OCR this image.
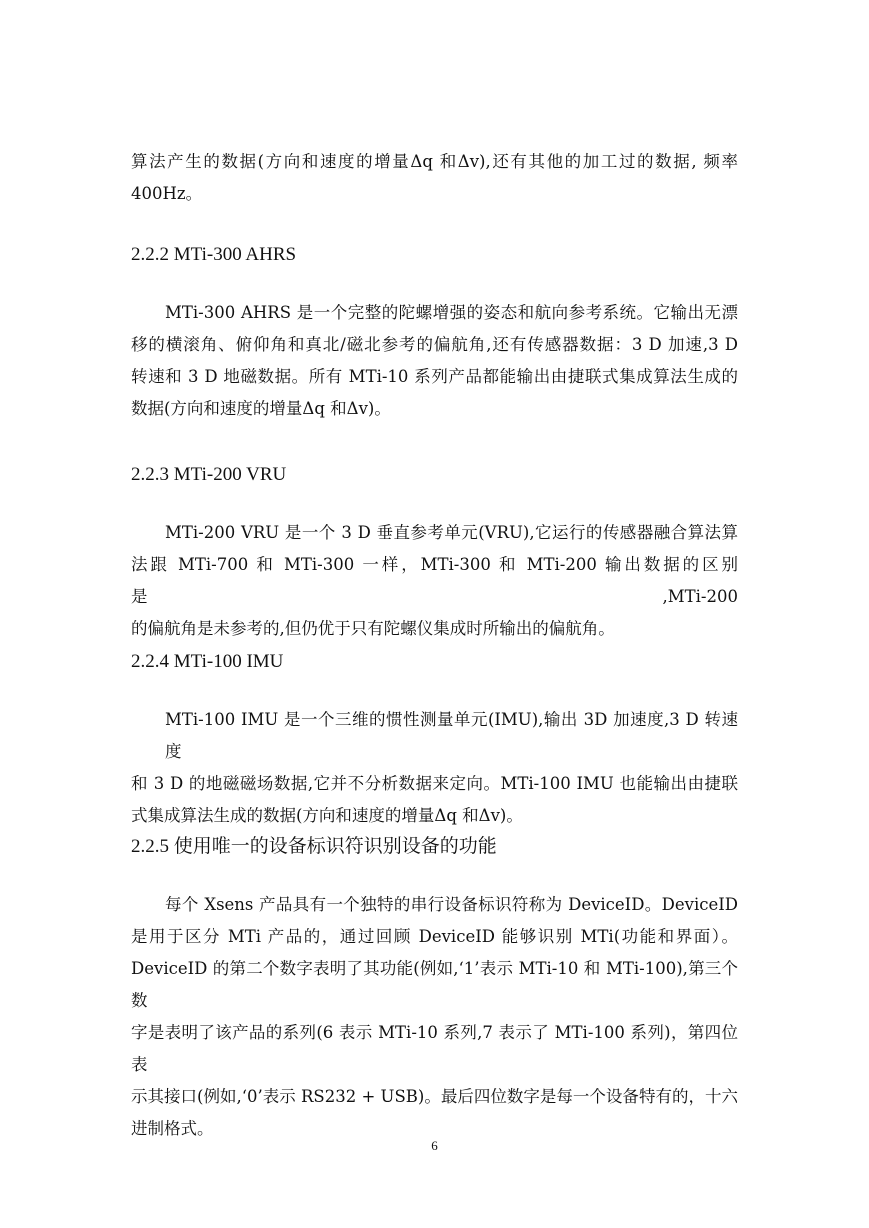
算法产生的数据(方向和速度的增量Δq 和Δv),还有其他的加工过的数据, 频率
400Hz。

2.2.2 MTi-300 AHRS

MTi-300 AHRS 是一个完整的陀螺增强的姿态和航向参考系统。它输出无漂
移的横滚角、俯仰角和真北/磁北参考的偏航角,还有传感器数据：3 D 加速,3 D
转速和 3 D 地磁数据。所有 MTi-10 系列产品都能输出由捷联式集成算法生成的
数据(方向和速度的增量Δq 和Δv)。

2.2.3 MTi-200 VRU

MTi-200 VRU 是一个 3 D 垂直参考单元(VRU),它运行的传感器融合算法算
法跟 MTi-700 和 MTi-300 一样，MTi-300 和 MTi-200 输出数据的区别是,MTi-200
的偏航角是未参考的,但仍优于只有陀螺仪集成时所输出的偏航角。

2.2.4 MTi-100 IMU

MTi-100 IMU 是一个三维的惯性测量单元(IMU),输出 3D 加速度,3 D 转速度
和 3 D 的地磁磁场数据,它并不分析数据来定向。MTi-100 IMU 也能输出由捷联
式集成算法生成的数据(方向和速度的增量Δq 和Δv)。

2.2.5 使用唯一的设备标识符识别设备的功能

每个 Xsens 产品具有一个独特的串行设备标识符称为 DeviceID。DeviceID
是用于区分 MTi 产品的，通过回顾 DeviceID 能够识别 MTi(功能和界面）。
DeviceID 的第二个数字表明了其功能(例如,‘1’表示 MTi-10 和 MTi-100),第三个数
字是表明了该产品的系列(6 表示 MTi-10 系列,7 表示了 MTi-100 系列)，第四位表
示其接口(例如,‘0’表示 RS232 + USB)。最后四位数字是每一个设备特有的，十六
进制格式。

6
